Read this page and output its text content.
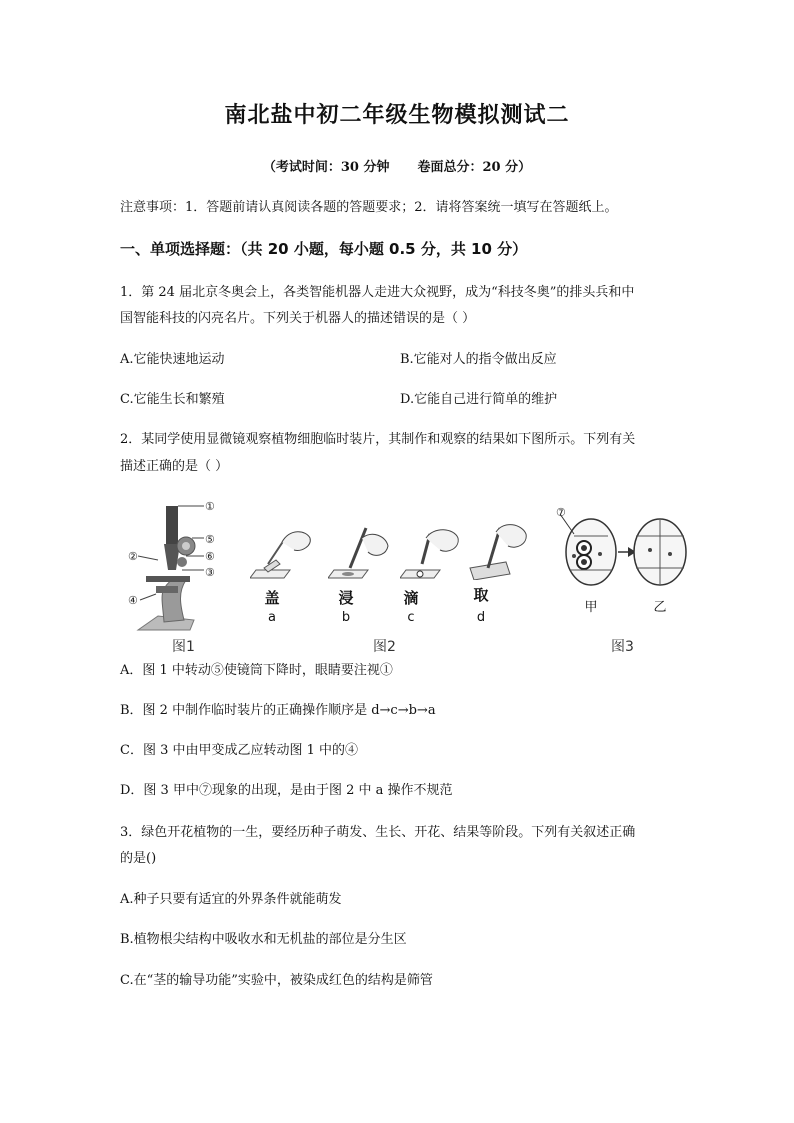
南北盐中初二年级生物模拟测试二
（考试时间：30 分钟 卷面总分：20 分）
注意事项：1．答题前请认真阅读各题的答题要求；2．请将答案统一填写在答题纸上。
一、单项选择题：（共 20 小题，每小题 0.5 分，共 10 分）
1．第 24 届北京冬奥会上，各类智能机器人走进大众视野，成为“科技冬奥”的排头兵和中
国智能科技的闪亮名片。下列关于机器人的描述错误的是（ ）
A.它能快速地运动	B.它能对人的指令做出反应
C.它能生长和繁殖	D.它能自己进行简单的维护
2．某同学使用显微镜观察植物细胞临时装片，其制作和观察的结果如下图所示。下列有关
描述正确的是（ ）
①
②
⑤
⑥
③
④
图1
盖	浸	滴	取
a	b	c	d
图2
⑦
甲	乙
图3
A．图 1 中转动⑤使镜筒下降时，眼睛要注视①
B．图 2 中制作临时装片的正确操作顺序是 d→c→b→a
C．图 3 中由甲变成乙应转动图 1 中的④
D．图 3 甲中⑦现象的出现，是由于图 2 中 a 操作不规范
3．绿色开花植物的一生，要经历种子萌发、生长、开花、结果等阶段。下列有关叙述正确
的是()
A.种子只要有适宜的外界条件就能萌发
B.植物根尖结构中吸收水和无机盐的部位是分生区
C.在“茎的输导功能”实验中，被染成红色的结构是筛管
